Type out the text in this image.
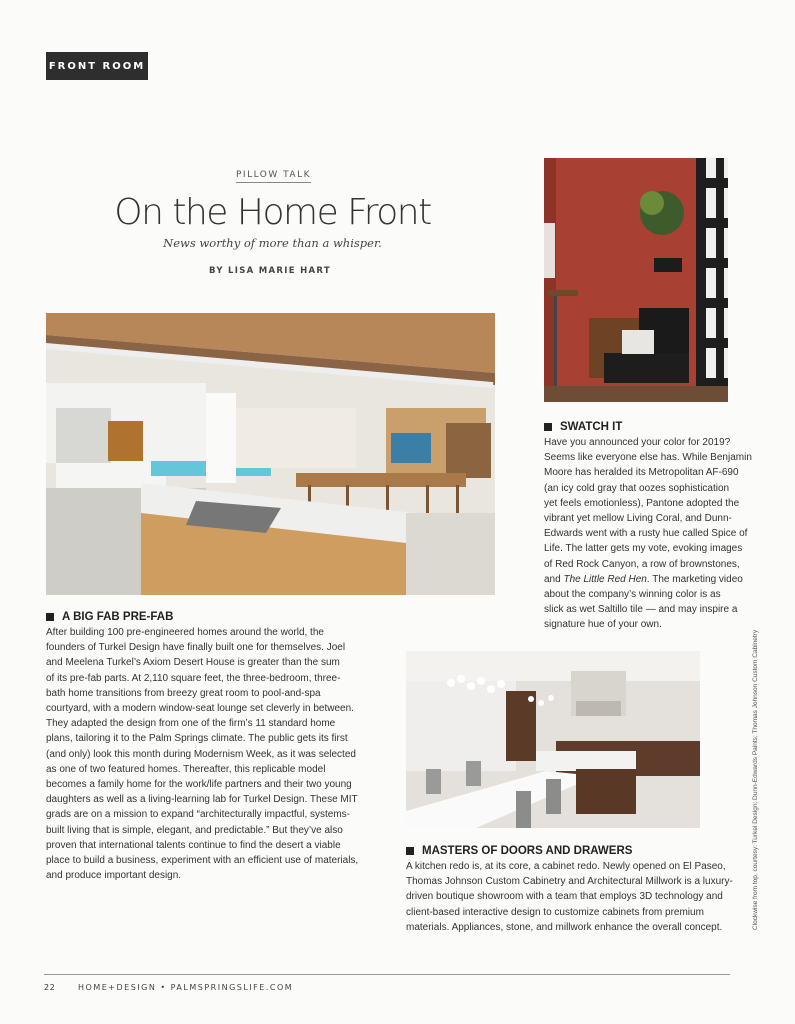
FRONT ROOM
PILLOW TALK
On the Home Front
News worthy of more than a whisper.
BY LISA MARIE HART
A BIG FAB PRE-FAB
After building 100 pre-engineered homes around the world, the
founders of Turkel Design have finally built one for themselves. Joel
and Meelena Turkel’s Axiom Desert House is greater than the sum
of its pre-fab parts. At 2,110 square feet, the three-bedroom, three-
bath home transitions from breezy great room to pool-and-spa
courtyard, with a modern window-seat lounge set cleverly in between.
They adapted the design from one of the firm’s 11 standard home
plans, tailoring it to the Palm Springs climate. The public gets its first
(and only) look this month during Modernism Week, as it was selected
as one of two featured homes. Thereafter, this replicable model
becomes a family home for the work/life partners and their two young
daughters as well as a living-learning lab for Turkel Design. These MIT
grads are on a mission to expand “architecturally impactful, systems-
built living that is simple, elegant, and predictable.” But they’ve also
proven that international talents continue to find the desert a viable
place to build a business, experiment with an efficient use of materials,
and produce important design.
SWATCH IT
Have you announced your color for 2019?
Seems like everyone else has. While Benjamin
Moore has heralded its Metropolitan AF-690
(an icy cold gray that oozes sophistication
yet feels emotionless), Pantone adopted the
vibrant yet mellow Living Coral, and Dunn-
Edwards went with a rusty hue called Spice of
Life. The latter gets my vote, evoking images
of Red Rock Canyon, a row of brownstones,
and The Little Red Hen. The marketing video
about the company’s winning color is as
slick as wet Saltillo tile — and may inspire a
signature hue of your own.
MASTERS OF DOORS AND DRAWERS
A kitchen redo is, at its core, a cabinet redo. Newly opened on El Paseo,
Thomas Johnson Custom Cabinetry and Architectural Millwork is a luxury-
driven boutique showroom with a team that employs 3D technology and
client-based interactive design to customize cabinets from premium
materials. Appliances, stone, and millwork enhance the overall concept.	Clockwise from top, courtesy: Turkel Design; Dunn-Edwards Paints; Thomas Johnson Custom Cabinetry
22	HOME+DESIGN • PALMSPRINGSLIFE.COM
